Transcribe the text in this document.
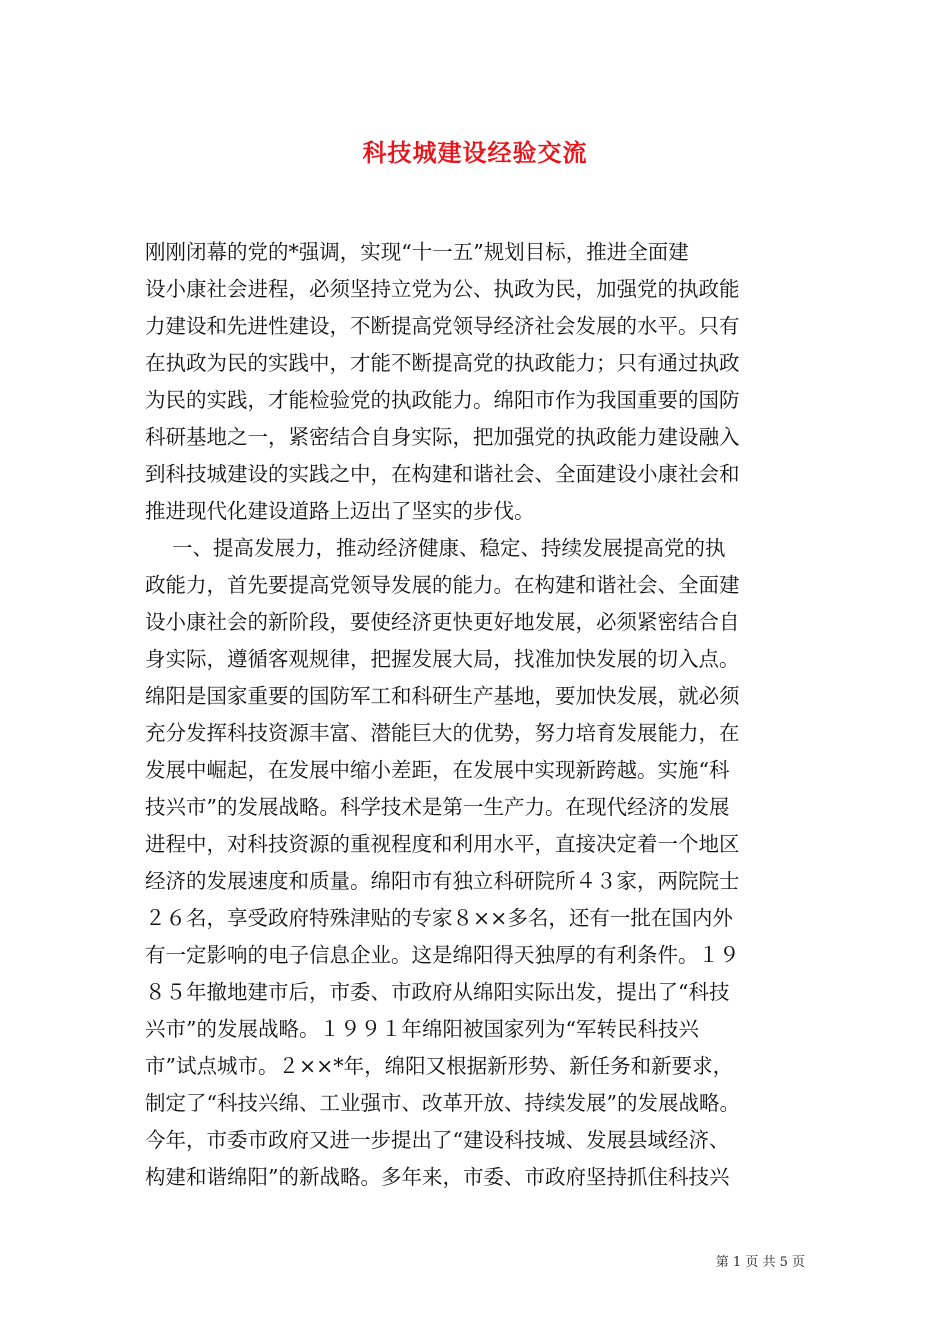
科技城建设经验交流
刚刚闭幕的党的*强调，实现“十一五”规划目标，推进全面建
设小康社会进程，必须坚持立党为公、执政为民，加强党的执政能
力建设和先进性建设，不断提高党领导经济社会发展的水平。只有
在执政为民的实践中，才能不断提高党的执政能力；只有通过执政
为民的实践，才能检验党的执政能力。绵阳市作为我国重要的国防
科研基地之一，紧密结合自身实际，把加强党的执政能力建设融入
到科技城建设的实践之中，在构建和谐社会、全面建设小康社会和
推进现代化建设道路上迈出了坚实的步伐。
　 一、提高发展力，推动经济健康、稳定、持续发展提高党的执
政能力，首先要提高党领导发展的能力。在构建和谐社会、全面建
设小康社会的新阶段，要使经济更快更好地发展，必须紧密结合自
身实际，遵循客观规律，把握发展大局，找准加快发展的切入点。
绵阳是国家重要的国防军工和科研生产基地，要加快发展，就必须
充分发挥科技资源丰富、潜能巨大的优势，努力培育发展能力，在
发展中崛起，在发展中缩小差距，在发展中实现新跨越。实施“科
技兴市”的发展战略。科学技术是第一生产力。在现代经济的发展
进程中，对科技资源的重视程度和利用水平，直接决定着一个地区
经济的发展速度和质量。绵阳市有独立科研院所４３家，两院院士
２６名，享受政府特殊津贴的专家８××多名，还有一批在国内外
有一定影响的电子信息企业。这是绵阳得天独厚的有利条件。１９
８５年撤地建市后，市委、市政府从绵阳实际出发，提出了“科技
兴市”的发展战略。１９９１年绵阳被国家列为“军转民科技兴
市”试点城市。２××*年，绵阳又根据新形势、新任务和新要求，
制定了“科技兴绵、工业强市、改革开放、持续发展”的发展战略。
今年，市委市政府又进一步提出了“建设科技城、发展县域经济、
构建和谐绵阳”的新战略。多年来，市委、市政府坚持抓住科技兴
第 1 页 共 5 页
